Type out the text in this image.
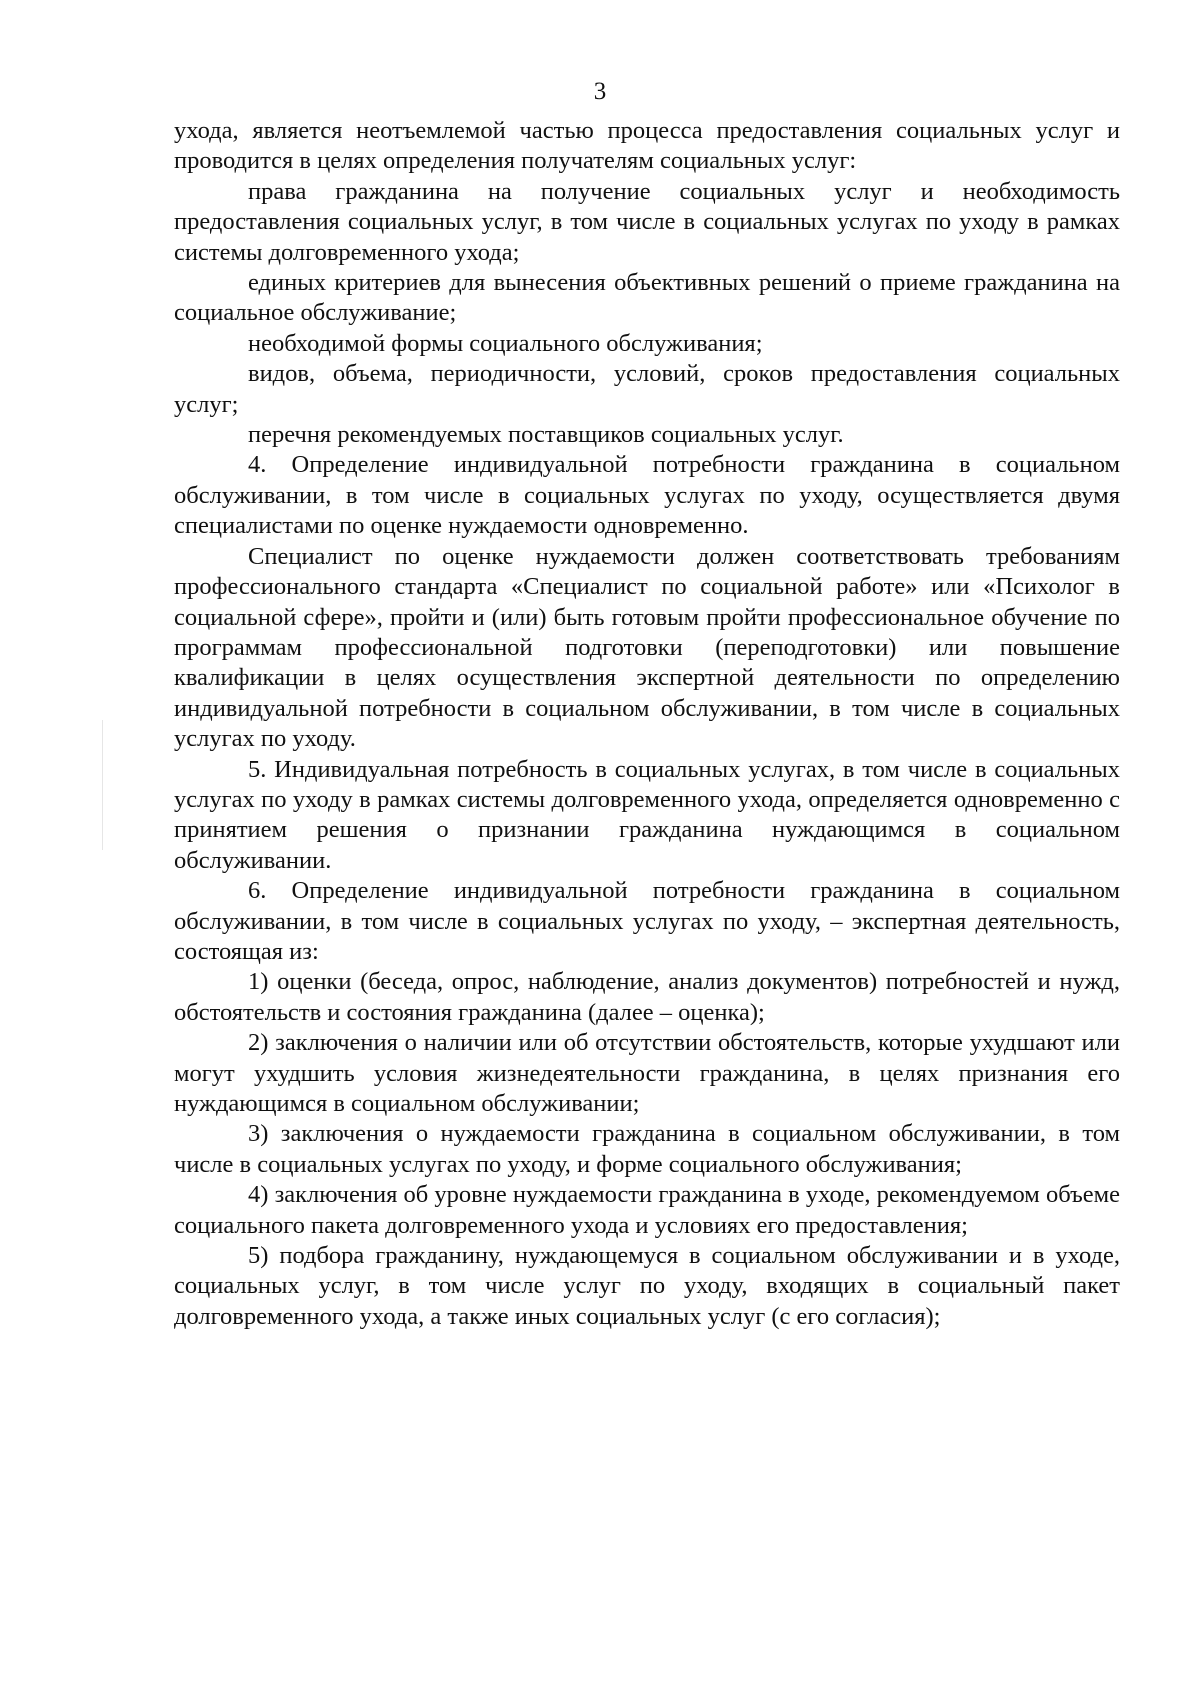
3

ухода, является неотъемлемой частью процесса предоставления социальных услуг и проводится в целях определения получателям социальных услуг:

права гражданина на получение социальных услуг и необходимость предоставления социальных услуг, в том числе в социальных услугах по уходу в рамках системы долговременного ухода;

единых критериев для вынесения объективных решений о приеме гражданина на социальное обслуживание;

необходимой формы социального обслуживания;

видов, объема, периодичности, условий, сроков предоставления социальных услуг;

перечня рекомендуемых поставщиков социальных услуг.

4. Определение индивидуальной потребности гражданина в социальном обслуживании, в том числе в социальных услугах по уходу, осуществляется двумя специалистами по оценке нуждаемости одновременно.

Специалист по оценке нуждаемости должен соответствовать требованиям профессионального стандарта «Специалист по социальной работе» или «Психолог в социальной сфере», пройти и (или) быть готовым пройти профессиональное обучение по программам профессиональной подготовки (переподготовки) или повышение квалификации в целях осуществления экспертной деятельности по определению индивидуальной потребности в социальном обслуживании, в том числе в социальных услугах по уходу.

5. Индивидуальная потребность в социальных услугах, в том числе в социальных услугах по уходу в рамках системы долговременного ухода, определяется одновременно с принятием решения о признании гражданина нуждающимся в социальном обслуживании.

6. Определение индивидуальной потребности гражданина в социальном обслуживании, в том числе в социальных услугах по уходу, – экспертная деятельность, состоящая из:

1) оценки (беседа, опрос, наблюдение, анализ документов) потребностей и нужд, обстоятельств и состояния гражданина (далее – оценка);

2) заключения о наличии или об отсутствии обстоятельств, которые ухудшают или могут ухудшить условия жизнедеятельности гражданина, в целях признания его нуждающимся в социальном обслуживании;

3) заключения о нуждаемости гражданина в социальном обслуживании, в том числе в социальных услугах по уходу, и форме социального обслуживания;

4) заключения об уровне нуждаемости гражданина в уходе, рекомендуемом объеме социального пакета долговременного ухода и условиях его предоставления;

5) подбора гражданину, нуждающемуся в социальном обслуживании и в уходе, социальных услуг, в том числе услуг по уходу, входящих в социальный пакет долговременного ухода, а также иных социальных услуг (с его согласия);
